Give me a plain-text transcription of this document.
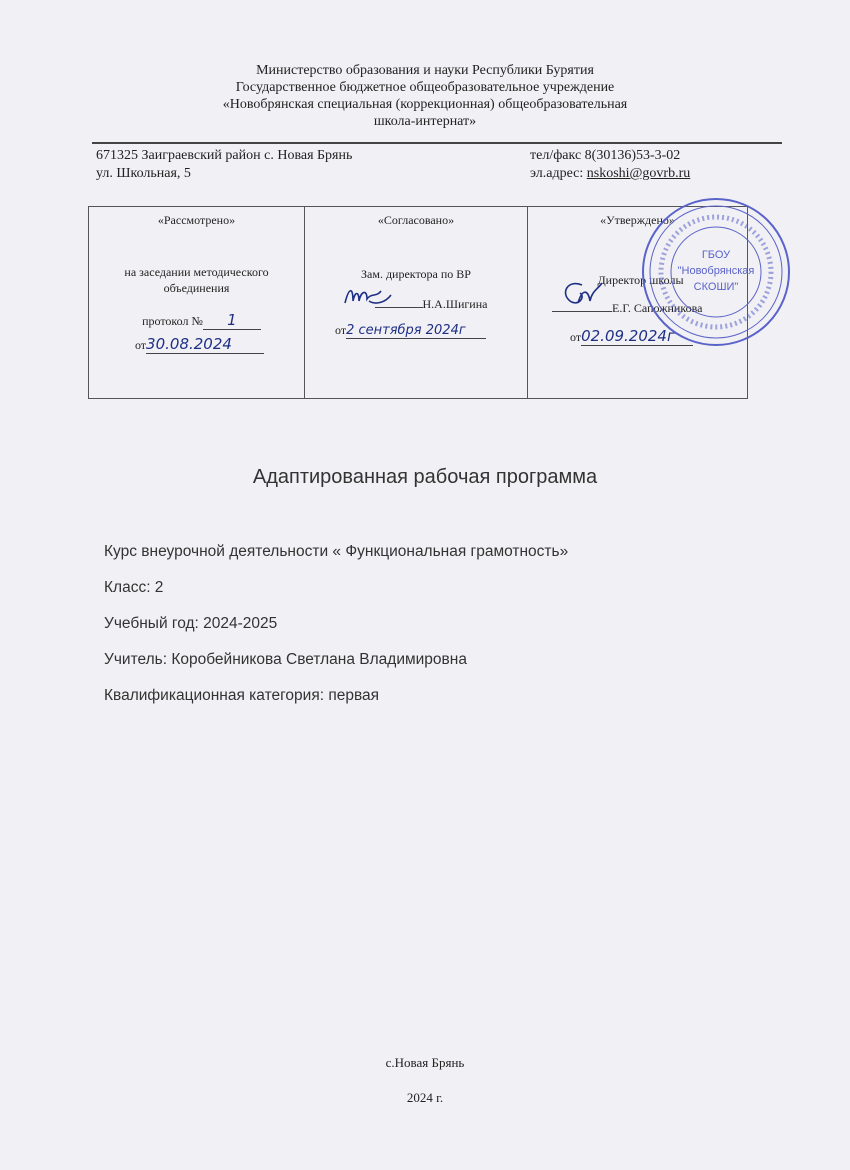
Министерство образования и науки Республики Бурятия
Государственное бюджетное общеобразовательное учреждение
«Новобрянская специальная (коррекционная) общеобразовательная
школа-интернат»
671325 Заиграевский район с. Новая Брянь
ул. Школьная, 5
тел/факс 8(30136)53-3-02
эл.адрес: nskoshi@govrb.ru
«Рассмотрено»
на заседании методического
объединения
протокол № 1
от30.08.2024
«Согласовано»
Зам. директора по ВР
Н.А.Шигина
от2 сентября 2024г
«Утверждено»
Директор школы
Е.Г. Сапожникова
от02.09.2024г
ГБОУ
"Новобрянская
СКОШИ"
Адаптированная рабочая программа
Курс внеурочной деятельности « Функциональная грамотность»
Класс: 2
Учебный год: 2024-2025
Учитель: Коробейникова Светлана Владимировна
Квалификационная категория: первая
с.Новая Брянь
2024 г.
